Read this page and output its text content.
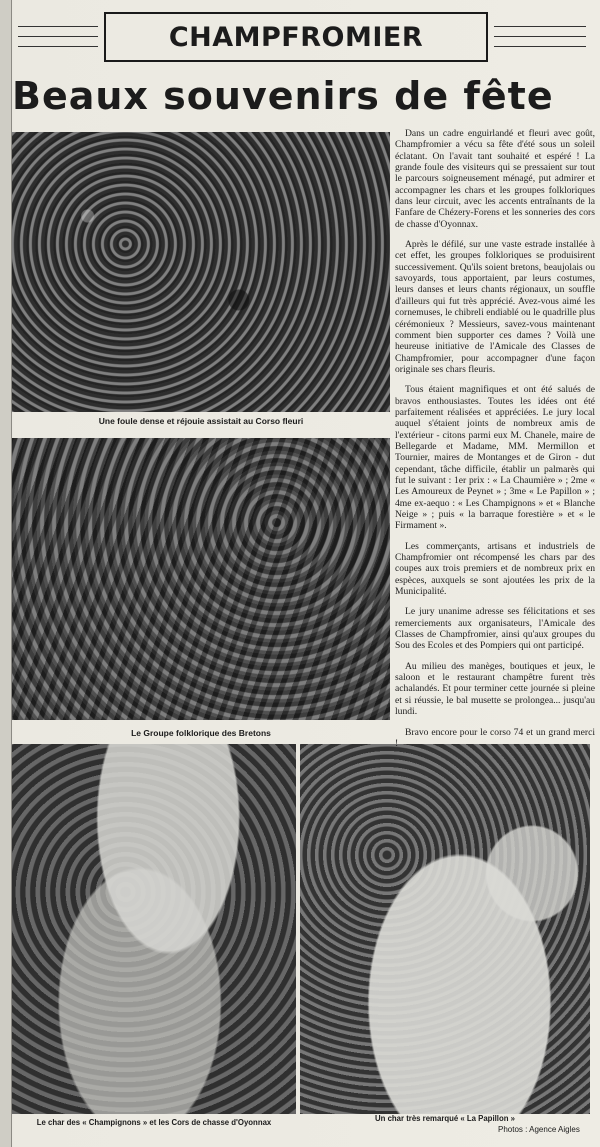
CHAMPFROMIER
Beaux souvenirs de fête
Une foule dense et réjouie assistait au Corso fleuri
Le Groupe folklorique des Bretons
Le char des « Champignons » et les Cors de chasse d'Oyonnax	Un char très remarqué « La Papillon »

Dans un cadre enguirlandé et fleuri avec goût, Champfromier a vécu sa fête d'été sous un soleil éclatant. On l'avait tant souhaité et espéré ! La grande foule des visiteurs qui se pressaient sur tout le parcours soigneusement ménagé, put admirer et accompagner les chars et les groupes folkloriques dans leur circuit, avec les accents entraînants de la Fanfare de Chézery-Forens et les sonneries des cors de chasse d'Oyonnax.

Après le défilé, sur une vaste estrade installée à cet effet, les groupes folkloriques se produisirent successivement. Qu'ils soient bretons, beaujolais ou savoyards, tous apportaient, par leurs costumes, leurs danses et leurs chants régionaux, un souffle d'ailleurs qui fut très apprécié. Avez-vous aimé les cornemuses, le chibreli endiablé ou le quadrille plus cérémonieux ? Messieurs, savez-vous maintenant comment bien supporter ces dames ? Voilà une heureuse initiative de l'Amicale des Classes de Champfromier, pour accompagner d'une façon originale ses chars fleuris.

Tous étaient magnifiques et ont été salués de bravos enthousiastes. Toutes les idées ont été parfaitement réalisées et appréciées. Le jury local auquel s'étaient joints de nombreux amis de l'extérieur - citons parmi eux M. Chanele, maire de Bellegarde et Madame, MM. Mermillon et Tournier, maires de Montanges et de Giron - dut cependant, tâche difficile, établir un palmarès qui fut le suivant : 1er prix : « La Chaumière » ; 2me « Les Amoureux de Peynet » ; 3me « Le Papillon » ; 4me ex-aequo : « Les Champignons » et « Blanche Neige » ; puis « la barraque forestière » et « le Firmament ».

Les commerçants, artisans et industriels de Champfromier ont récompensé les chars par des coupes aux trois premiers et de nombreux prix en espèces, auxquels se sont ajoutées les prix de la Municipalité.

Le jury unanime adresse ses félicitations et ses remerciements aux organisateurs, l'Amicale des Classes de Champfromier, ainsi qu'aux groupes du Sou des Ecoles et des Pompiers qui ont participé.

Au milieu des manèges, boutiques et jeux, le saloon et le restaurant champêtre furent très achalandés. Et pour terminer cette journée si pleine et si réussie, le bal musette se prolongea... jusqu'au lundi.

Bravo encore pour le corso 74 et un grand merci !

Photos : Agence Aigles
